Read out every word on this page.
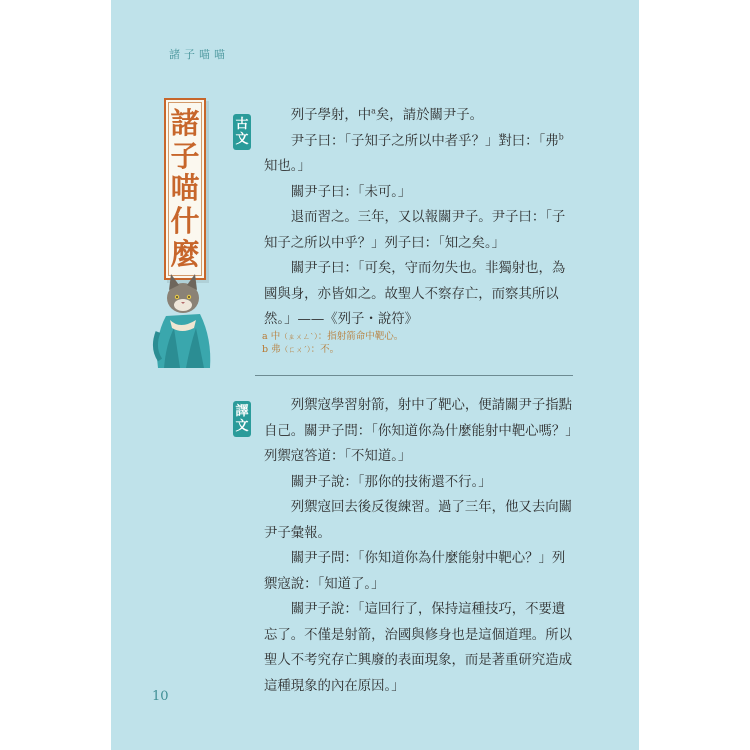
諸子喵喵
諸
子
喵
什
麼
古
文

列子學射，中$^a$矣，請於關尹子。

尹子曰：「子知子之所以中者乎？」對曰：「弗$^b$知也。」

關尹子曰：「未可。」

退而習之。三年，又以報關尹子。尹子曰：「子知子之所以中乎？」列子曰：「知之矣。」

關尹子曰：「可矣，守而勿失也。非獨射也，為國與身，亦皆如之。故聖人不察存亡，而察其所以然。」——《列子・說符》

a 中（ㄓㄨㄥˋ）：指射箭命中靶心。
b 弗（ㄈㄨˊ）：不。
譯
文

列禦寇學習射箭，射中了靶心，便請關尹子指點自己。關尹子問：「你知道你為什麼能射中靶心嗎？」列禦寇答道：「不知道。」

關尹子說：「那你的技術還不行。」

列禦寇回去後反復練習。過了三年，他又去向關尹子彙報。

關尹子問：「你知道你為什麼能射中靶心？」列禦寇說：「知道了。」

關尹子說：「這回行了，保持這種技巧，不要遺忘了。不僅是射箭，治國與修身也是這個道理。所以聖人不考究存亡興廢的表面現象，而是著重研究造成這種現象的內在原因。」

10
